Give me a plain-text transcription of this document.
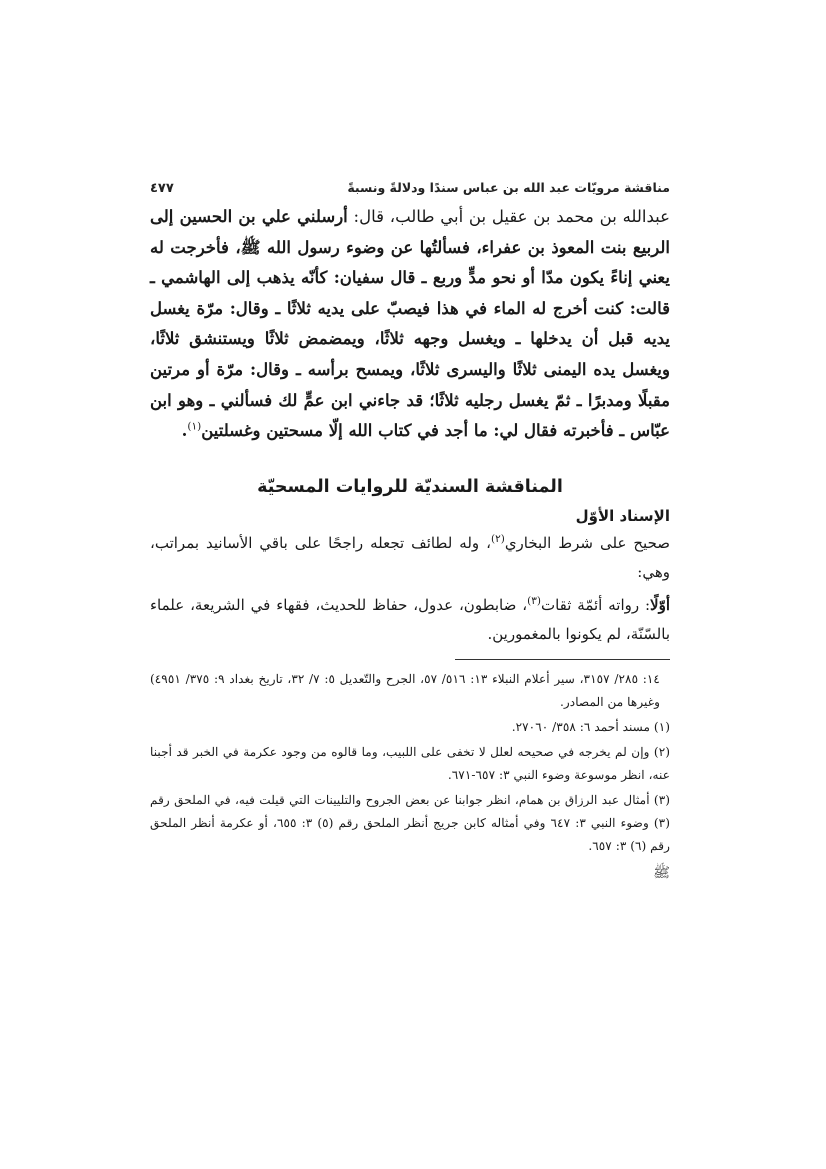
مناقشة مرويّات عبد الله بن عباس سندًا ودلالةً ونسبةً
٤٧٧
عبدالله بن محمد بن عقيل بن أبي طالب، قال: أرسلني علي بن الحسين إلى الربيع بنت المعوذ بن عفراء، فسألتُها عن وضوء رسول الله ﷺ، فأخرجت له يعني إناءً يكون مدّا أو نحو مدٍّ وربع ـ قال سفيان: كأنّه يذهب إلى الهاشمي ـ قالت: كنت أخرج له الماء في هذا فيصبّ على يديه ثلاثًا ـ وقال: مرّة يغسل يديه قبل أن يدخلها ـ ويغسل وجهه ثلاثًا، ويمضمض ثلاثًا ويستنشق ثلاثًا، ويغسل يده اليمنى ثلاثًا واليسرى ثلاثًا، ويمسح برأسه ـ وقال: مرّة أو مرتين مقبلًا ومدبرًا ـ ثمّ يغسل رجليه ثلاثًا؛ قد جاءني ابن عمٍّ لك فسألني ـ وهو ابن عبّاس ـ فأخبرته فقال لي: ما أجد في كتاب الله إلّا مسحتين وغسلتين$^{(١)}$.
المناقشة السنديّة للروايات المسحيّة
الإسناد الأوّل
صحيح على شرط البخاري$^{(٢)}$، وله لطائف تجعله راجحًا على باقي الأسانيد بمراتب، وهي:
أوّلًا: رواته أئمّة ثقات$^{(٣)}$، ضابطون، عدول، حفاظ للحديث، فقهاء في الشريعة، علماء بالسّنّة، لم يكونوا بالمغمورين.
١٤: ٢٨٥/ ٣١٥٧، سير أعلام النبلاء ١٣: ٥١٦/ ٥٧، الجرح والتّعديل ٥: ٧/ ٣٢، تاريخ بغداد ٩: ٣٧٥/ ٤٩٥١) وغيرها من المصادر.
(١) مسند أحمد ٦: ٣٥٨/ ٢٧٠٦٠.
(٢) وإن لم يخرجه في صحيحه لعلل لا تخفى على اللبيب، وما قالوه من وجود عكرمة في الخبر قد أجبنا عنه، انظر موسوعة وضوء النبي ٣: ٦٥٧-٦٧١.
(٣) أمثال عبد الرزاق بن همام، انظر جوابنا عن بعض الجروح والتليينات التي قيلت فيه، في الملحق رقم (٣) وضوء النبي ٣: ٦٤٧ وفي أمثاله كابن جريج أنظر الملحق رقم (٥) ٣: ٦٥٥، أو عكرمة أنظر الملحق رقم (٦) ٣: ٦٥٧.
ﷺ
